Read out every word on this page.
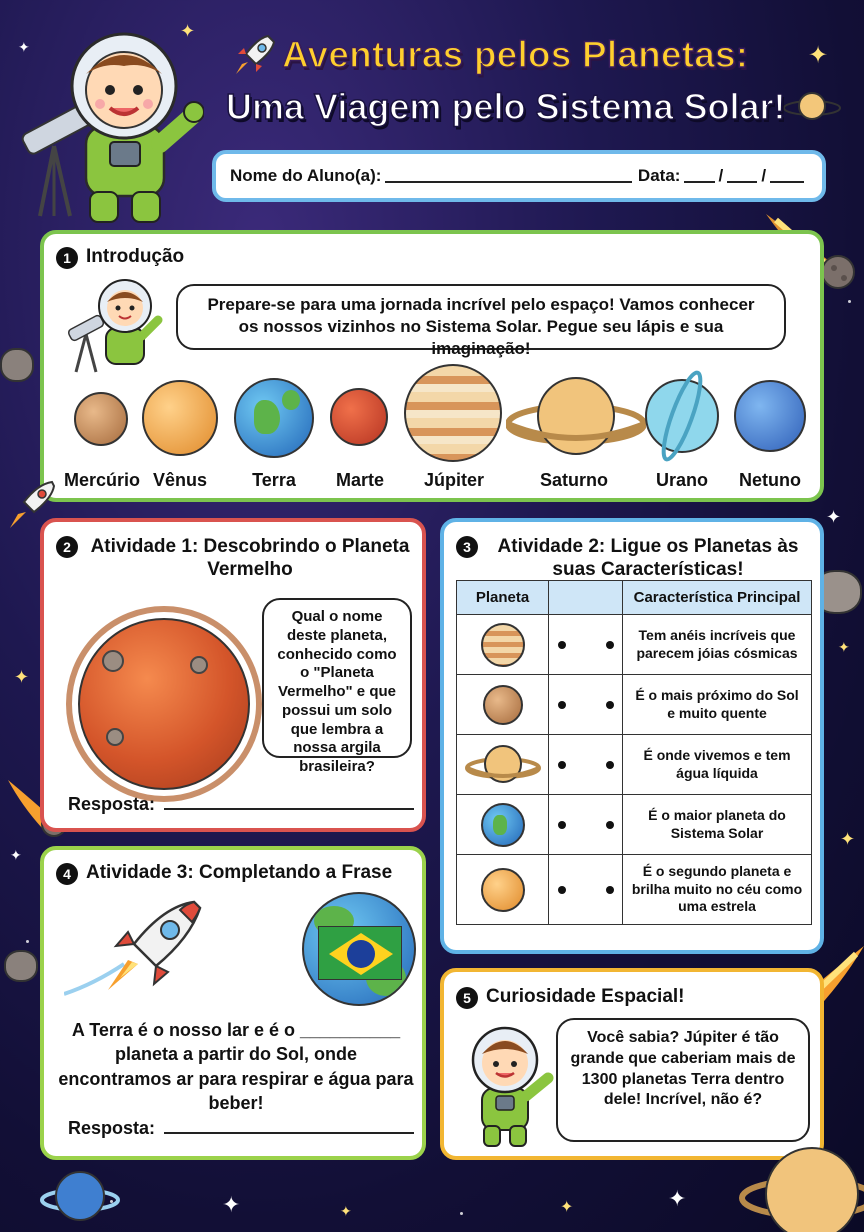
✦
✦
✦
✦
✦
✦
✦
✦
✦	✦	✦
✦
Aventuras pelos Planetas:
Uma Viagem pelo Sistema Solar!
Nome do Aluno(a):	Data: /
/
1 Introdução
Prepare-se para uma jornada incrível pelo espaço! Vamos conhecer os nossos vizinhos no Sistema Solar. Pegue seu lápis e sua imaginação!
Mercúrio Vênus	Terra	Marte	Júpiter	Saturno	Urano	Netuno
2	Atividade 1: Descobrindo o Planeta Vermelho
Qual o nome deste planeta, conhecido como o "Planeta Vermelho" e que possui um solo que lembra a nossa argila brasileira?
Resposta:
3	Atividade 2: Ligue os Planetas às suas Características!
Planeta		Característica Principal

		Tem anéis incríveis que parecem jóias cósmicas

		É o mais próximo do Sol e muito quente

		É onde vivemos e tem água líquida

		É o maior planeta do Sistema Solar

		É o segundo planeta e brilha muito no céu como uma estrela
4 Atividade 3: Completando a Frase
A Terra é o nosso lar e é o __________ planeta a partir do Sol, onde encontramos ar para respirar e água para beber!
Resposta:
5 Curiosidade Espacial!
Você sabia? Júpiter é tão grande que caberiam mais de 1300 planetas Terra dentro dele! Incrível, não é?
